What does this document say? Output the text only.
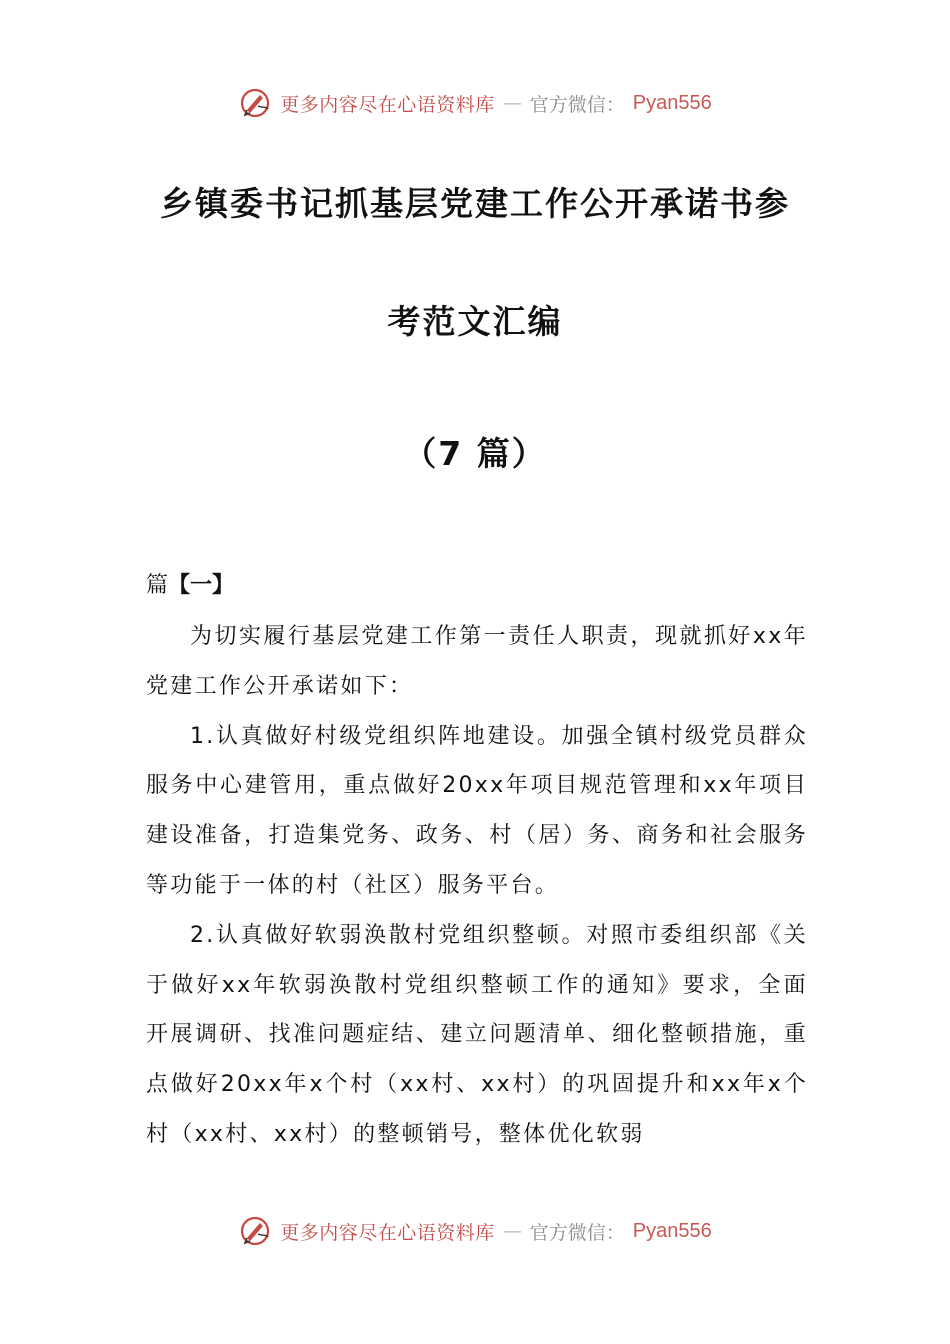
更多内容尽在心语资料库 — 官方微信： Pyan556
乡镇委书记抓基层党建工作公开承诺书参
考范文汇编
（7 篇）
篇【一】

为切实履行基层党建工作第一责任人职责，现就抓好xx年党建工作公开承诺如下：

1.认真做好村级党组织阵地建设。加强全镇村级党员群众服务中心建管用，重点做好20xx年项目规范管理和xx年项目建设准备，打造集党务、政务、村（居）务、商务和社会服务等功能于一体的村（社区）服务平台。

2.认真做好软弱涣散村党组织整顿。对照市委组织部《关于做好xx年软弱涣散村党组织整顿工作的通知》要求，全面开展调研、找准问题症结、建立问题清单、细化整顿措施，重点做好20xx年x个村（xx村、xx村）的巩固提升和xx年x个村（xx村、xx村）的整顿销号，整体优化软弱

更多内容尽在心语资料库 — 官方微信： Pyan556
